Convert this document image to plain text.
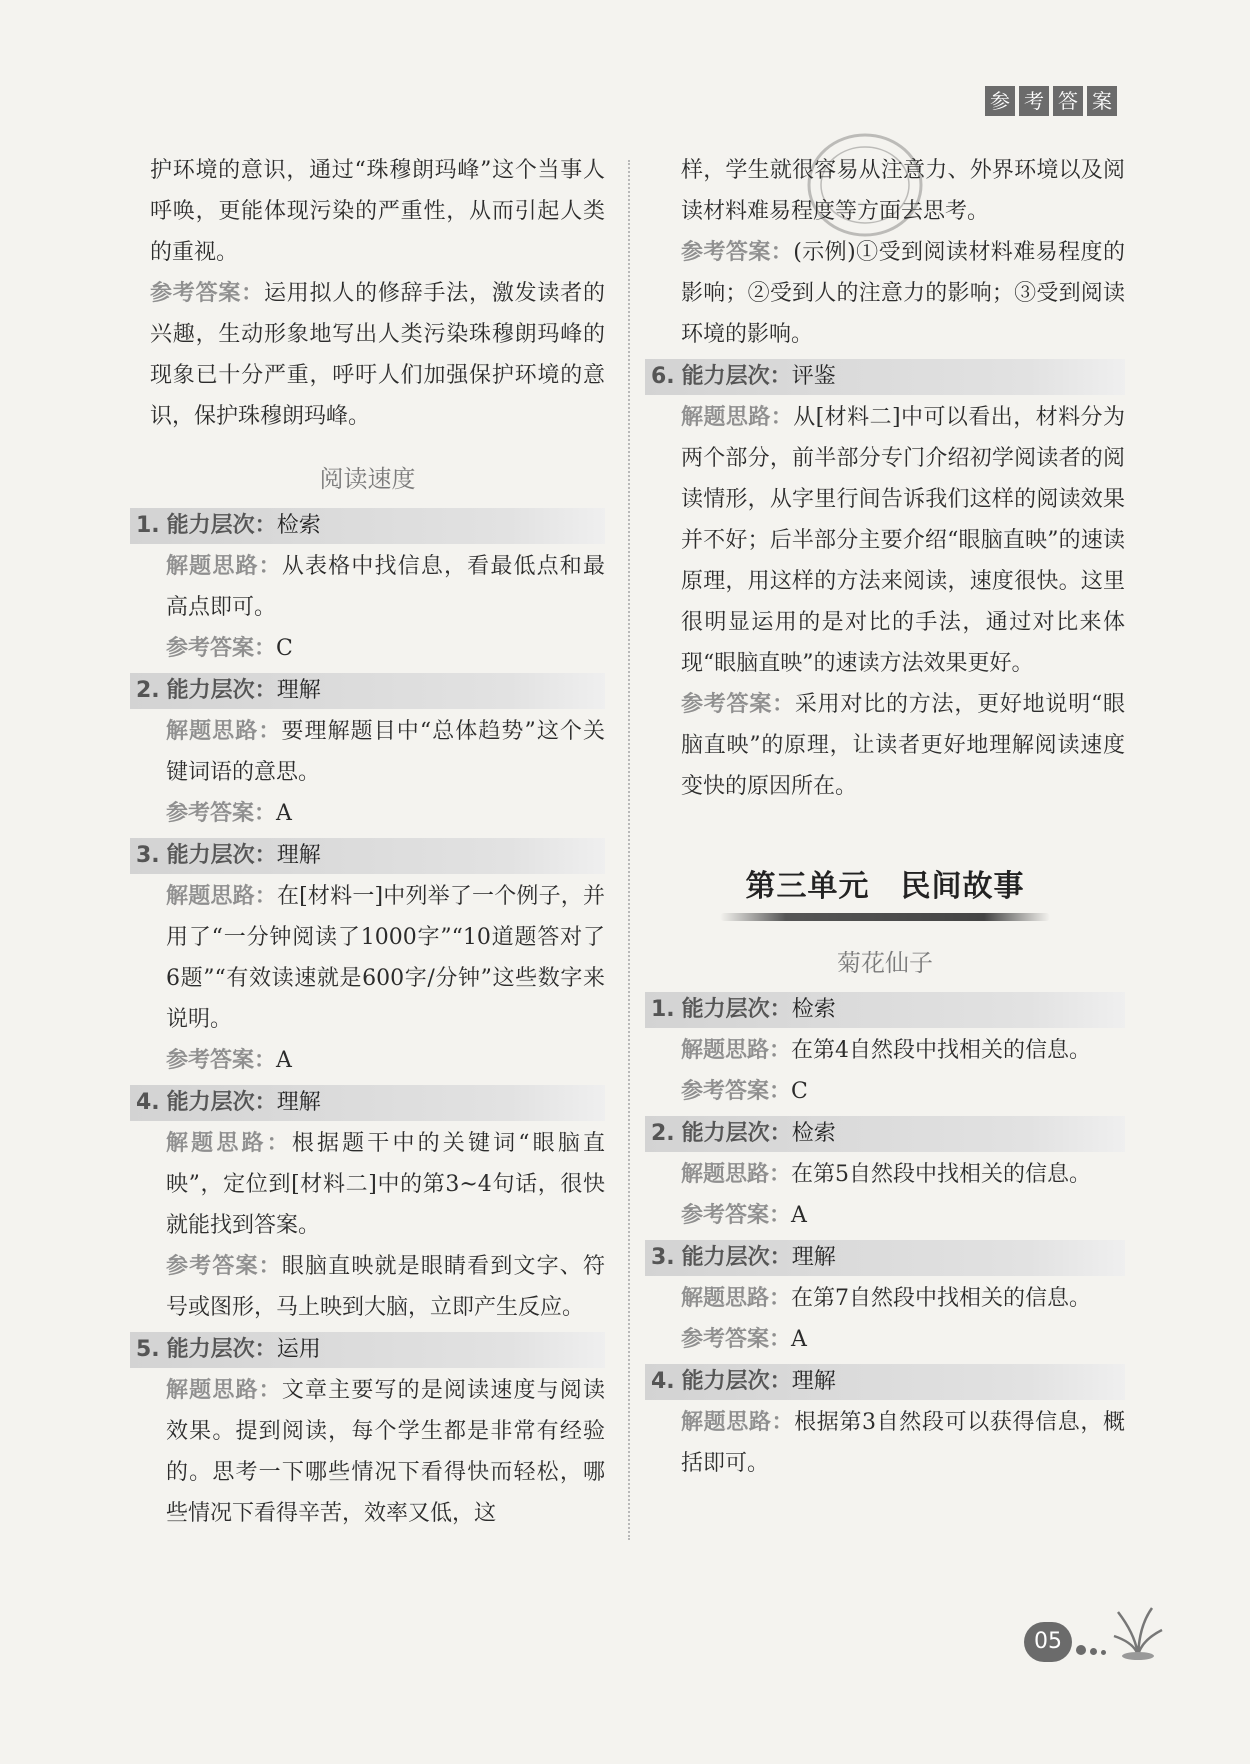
参 考 答 案

护环境的意识，通过“珠穆朗玛峰”这个当事人呼唤，更能体现污染的严重性，从而引起人类的重视。

参考答案：运用拟人的修辞手法，激发读者的兴趣，生动形象地写出人类污染珠穆朗玛峰的现象已十分严重，呼吁人们加强保护环境的意识，保护珠穆朗玛峰。

阅读速度
1. 能力层次：检索

解题思路：从表格中找信息，看最低点和最高点即可。

参考答案：C

2. 能力层次：理解

解题思路：要理解题目中“总体趋势”这个关键词语的意思。

参考答案：A

3. 能力层次：理解

解题思路：在[材料一]中列举了一个例子，并用了“一分钟阅读了1000字”“10道题答对了6题”“有效读速就是600字/分钟”这些数字来说明。

参考答案：A

4. 能力层次：理解

解题思路：根据题干中的关键词“眼脑直映”，定位到[材料二]中的第3~4句话，很快就能找到答案。

参考答案：眼脑直映就是眼睛看到文字、符号或图形，马上映到大脑，立即产生反应。

5. 能力层次：运用

解题思路：文章主要写的是阅读速度与阅读效果。提到阅读，每个学生都是非常有经验的。思考一下哪些情况下看得快而轻松，哪些情况下看得辛苦，效率又低，这

样，学生就很容易从注意力、外界环境以及阅读材料难易程度等方面去思考。

参考答案：(示例)①受到阅读材料难易程度的影响；②受到人的注意力的影响；③受到阅读环境的影响。

6. 能力层次：评鉴

解题思路：从[材料二]中可以看出，材料分为两个部分，前半部分专门介绍初学阅读者的阅读情形，从字里行间告诉我们这样的阅读效果并不好；后半部分主要介绍“眼脑直映”的速读原理，用这样的方法来阅读，速度很快。这里很明显运用的是对比的手法，通过对比来体现“眼脑直映”的速读方法效果更好。

参考答案：采用对比的方法，更好地说明“眼脑直映”的原理，让读者更好地理解阅读速度变快的原因所在。

第三单元　民间故事
菊花仙子
1. 能力层次：检索

解题思路：在第4自然段中找相关的信息。

参考答案：C

2. 能力层次：检索

解题思路：在第5自然段中找相关的信息。

参考答案：A

3. 能力层次：理解

解题思路：在第7自然段中找相关的信息。

参考答案：A

4. 能力层次：理解

解题思路：根据第3自然段可以获得信息，概括即可。

05
